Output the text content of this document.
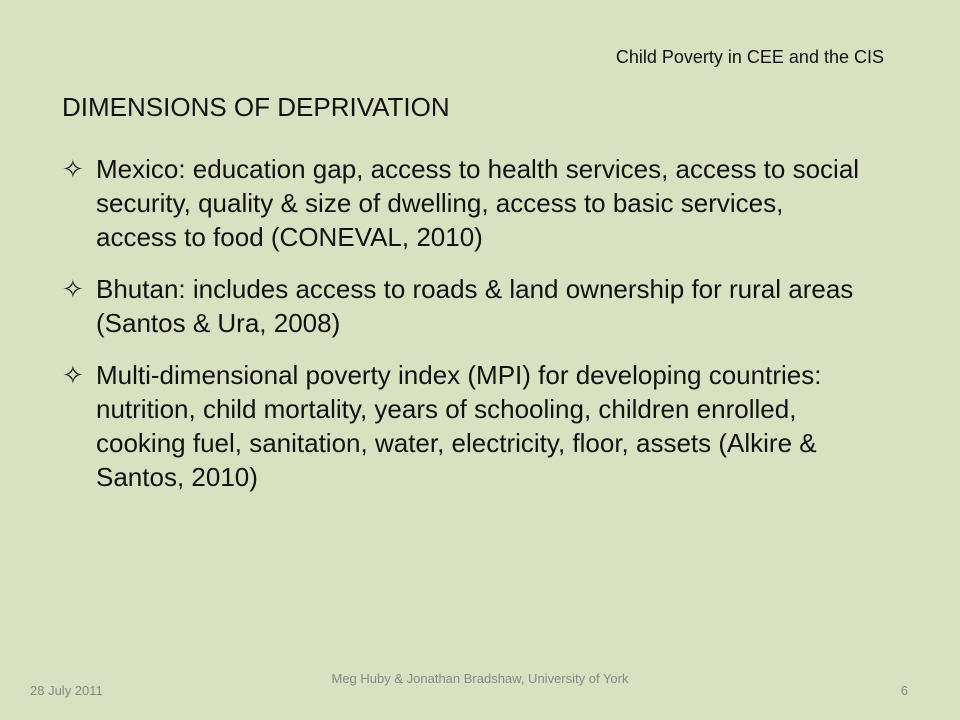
Child Poverty in CEE and the CIS
DIMENSIONS OF DEPRIVATION
✧ Mexico: education gap, access to health services, access to social security, quality & size of dwelling, access to basic services, access to food (CONEVAL, 2010)
✧ Bhutan: includes access to roads & land ownership for rural areas (Santos & Ura, 2008)
✧ Multi-dimensional poverty index (MPI) for developing countries: nutrition, child mortality, years of schooling, children enrolled, cooking fuel, sanitation, water, electricity, floor, assets (Alkire & Santos, 2010)
28 July 2011
Meg Huby & Jonathan Bradshaw, University of York
6
